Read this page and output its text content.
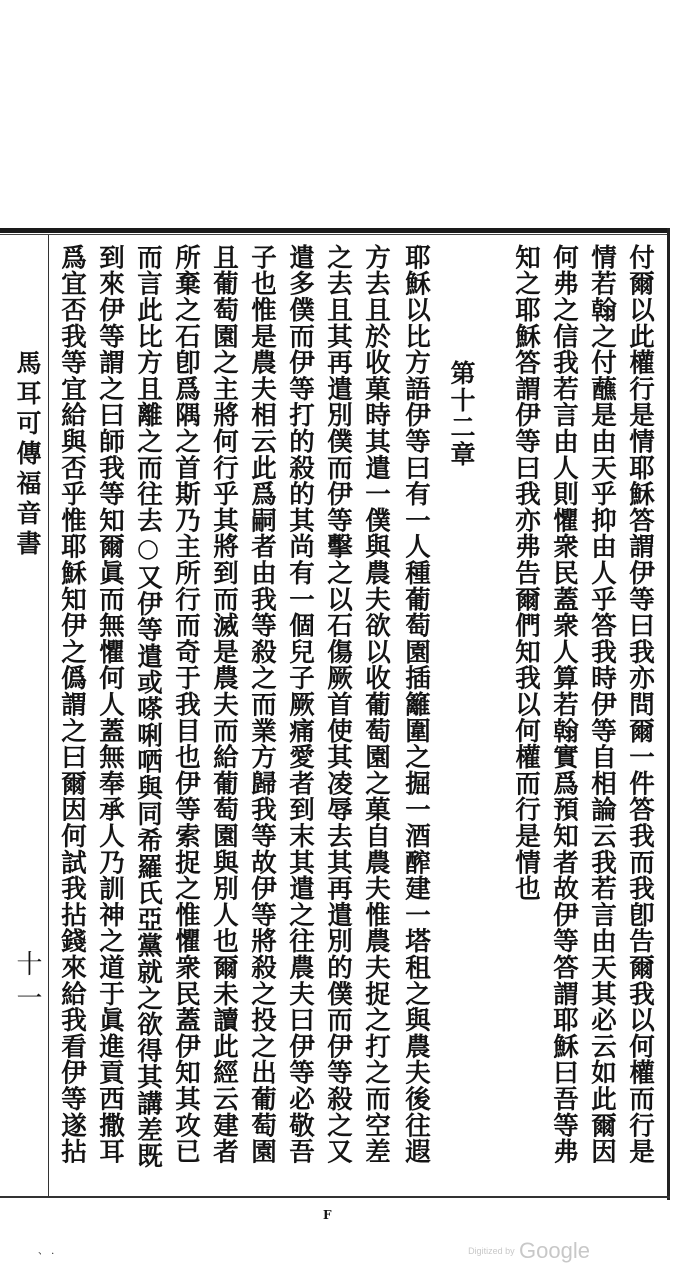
馬耳可傳福音書
十一	付爾以此權行是情耶穌答謂伊等曰我亦問爾一件答我而我卽告爾我以何權而行是
情若翰之付蘸是由天乎抑由人乎答我時伊等自相論云我若言由天其必云如此爾因
何弗之信我若言由人則懼衆民蓋衆人算若翰實爲預知者故伊等答謂耶穌曰吾等弗
知之耶穌答謂伊等曰我亦弗告爾們知我以何權而行是情也
第十二章
耶穌以比方語伊等曰有一人種葡萄園插籬圍之掘一酒醡建一塔租之與農夫後往遐
方去且於收菓時其遣一僕與農夫欲以收葡萄園之菓自農夫惟農夫捉之打之而空差
之去且其再遣別僕而伊等擊之以石傷厥首使其凌辱去其再遣別的僕而伊等殺之又
遣多僕而伊等打的殺的其尚有一個兒子厥痛愛者到末其遣之往農夫曰伊等必敬吾
子也惟是農夫相云此爲嗣者由我等殺之而業方歸我等故伊等將殺之投之出葡萄園
且葡萄園之主將何行乎其將到而滅是農夫而給葡萄園與別人也爾未讀此經云建者
所棄之石卽爲隅之首斯乃主所行而奇于我目也伊等索捉之惟懼衆民蓋伊知其攻已
而言此比方且離之而往去○又伊等遣或嗏唎哂與同希羅氏亞黨就之欲得其講差既
到來伊等謂之曰師我等知爾眞而無懼何人蓋無奉承人乃訓神之道于眞進貢西撒耳
爲宜否我等宜給與否乎惟耶穌知伊之僞謂之曰爾因何試我拈錢來給我看伊等遂拈
F
、 .	Digitized by Google
